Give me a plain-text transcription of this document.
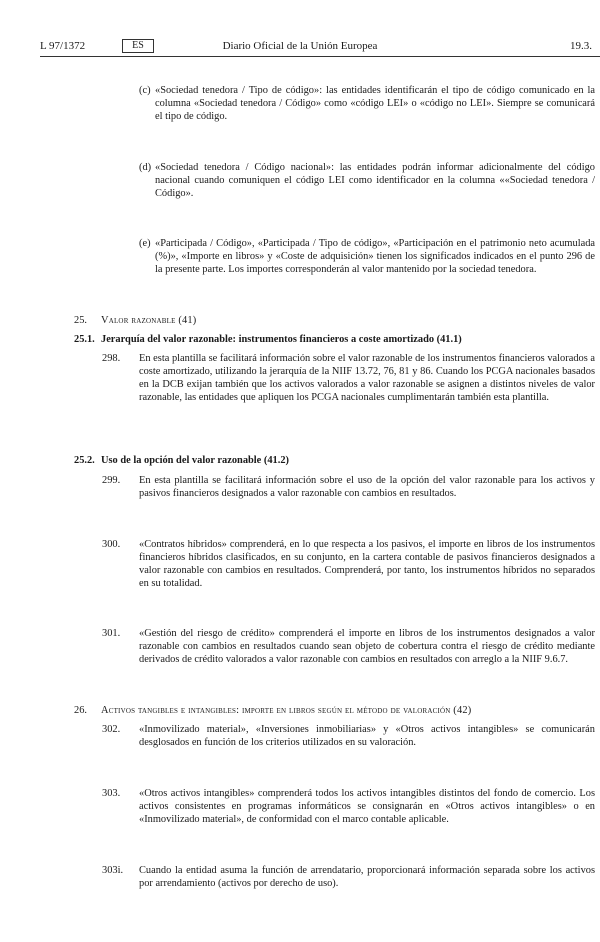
L 97/1372	ES	Diario Oficial de la Unión Europea	19.3.
(c) «Sociedad tenedora / Tipo de código»: las entidades identificarán el tipo de código comunicado en la columna «Sociedad tenedora / Código» como «código LEI» o «código no LEI». Siempre se comunicará el tipo de código.
(d) «Sociedad tenedora / Código nacional»: las entidades podrán informar adicionalmente del código nacional cuando comuniquen el código LEI como identificador en la columna ««Sociedad tenedora / Código».
(e) «Participada / Código», «Participada / Tipo de código», «Participación en el patrimonio neto acumulada (%)», «Importe en libros» y «Coste de adquisición» tienen los significados indicados en el punto 296 de la presente parte. Los importes corresponderán al valor mantenido por la sociedad tenedora.
25. Valor razonable (41)
25.1. Jerarquía del valor razonable: instrumentos financieros a coste amortizado (41.1)
298.	En esta plantilla se facilitará información sobre el valor razonable de los instrumentos financieros valorados a coste amortizado, utilizando la jerarquía de la NIIF 13.72, 76, 81 y 86. Cuando los PCGA nacionales basados en la DCB exijan también que los activos valorados a valor razonable se asignen a distintos niveles de valor razonable, las entidades que apliquen los PCGA nacionales cumplimentarán también esta plantilla.
25.2. Uso de la opción del valor razonable (41.2)
299.	En esta plantilla se facilitará información sobre el uso de la opción del valor razonable para los activos y pasivos financieros designados a valor razonable con cambios en resultados.
300.	«Contratos híbridos» comprenderá, en lo que respecta a los pasivos, el importe en libros de los instrumentos financieros híbridos clasificados, en su conjunto, en la cartera contable de pasivos financieros designados a valor razonable con cambios en resultados. Comprenderá, por tanto, los instrumentos híbridos no separados en su totalidad.
301.	«Gestión del riesgo de crédito» comprenderá el importe en libros de los instrumentos designados a valor razonable con cambios en resultados cuando sean objeto de cobertura contra el riesgo de crédito mediante derivados de crédito valorados a valor razonable con cambios en resultados con arreglo a la NIIF 9.6.7.
26. Activos tangibles e intangibles: importe en libros según el método de valoración (42)
302.	«Inmovilizado material», «Inversiones inmobiliarias» y «Otros activos intangibles» se comunicarán desglosados en función de los criterios utilizados en su valoración.
303.	«Otros activos intangibles» comprenderá todos los activos intangibles distintos del fondo de comercio. Los activos consistentes en programas informáticos se consignarán en «Otros activos intangibles» o en «Inmovilizado material», de conformidad con el marco contable aplicable.
303i.	Cuando la entidad asuma la función de arrendatario, proporcionará información separada sobre los activos por arrendamiento (activos por derecho de uso).
